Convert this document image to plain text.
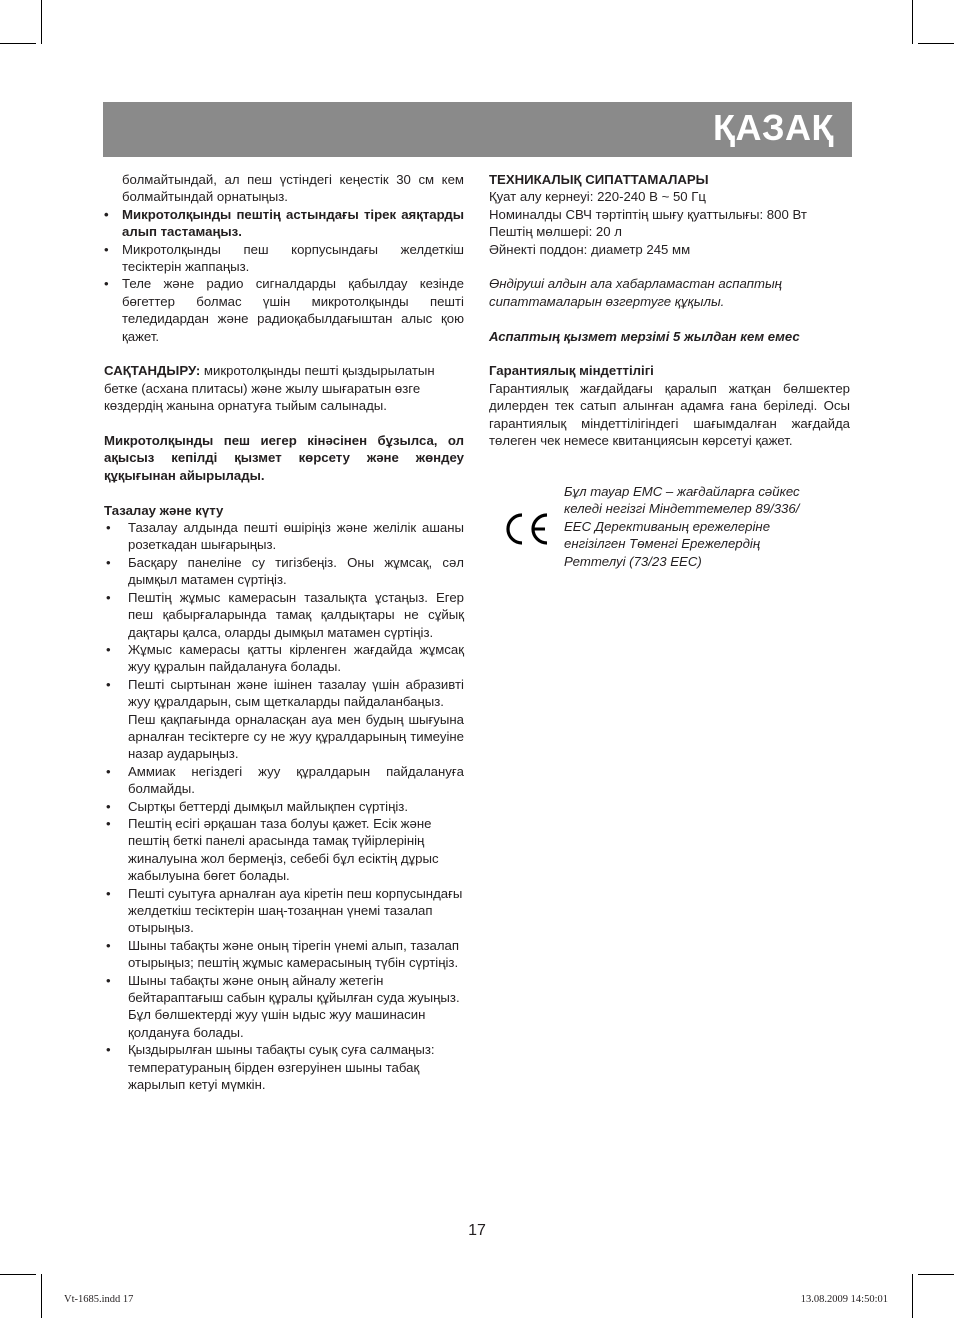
ҚАЗАҚ

болмайтындай, ал пеш үстіндегі кеңестік 30 см кем болмайтындай орнатыңыз.

• Микротолқынды пештің астындағы тірек аяқтарды алып тастамаңыз.
• Микротолқынды пеш корпусындағы желдеткіш тесіктерін жаппаңыз.
• Теле және радио сигналдарды қабылдау кезінде бөгеттер болмас үшін микротолқынды пешті теледидардан және радиоқабылдағыштан алыс қою қажет.

САҚТАНДЫРУ: микротолқынды пешті қыздырылатын бетке (асхана плитасы) және жылу шығаратын өзге көздердің жанына орнатуға тыйым салынады.

Микротолқынды пеш иегер кінәсінен бұзылса, ол ақысыз кепілді қызмет көрсету және жөндеу құқығынан айырылады.

Тазалау және күту

• Тазалау алдында пешті өшіріңіз және желілік ашаны розеткадан шығарыңыз.
• Басқару панеліне су тигізбеңіз. Оны жұмсақ, сәл дымқыл матамен сүртіңіз.
• Пештің жұмыс камерасын тазалықта ұстаңыз. Егер пеш қабырғаларында тамақ қалдықтары не сұйық дақтары қалса, оларды дымқыл матамен сүртіңіз.
• Жұмыс камерасы қатты кірленген жағдайда жұмсақ жуу құралын пайдалануға болады.
• Пешті сыртынан және ішінен тазалау үшін абразивті жуу құралдарын, сым щеткаларды пайдаланбаңыз.
Пеш қақпағында орналасқан ауа мен будың шығуына арналған тесіктерге су не жуу құралдарының тимеуіне назар аударыңыз.
• Аммиак негіздегі жуу құралдарын пайдалануға болмайды.
• Сыртқы беттерді дымқыл майлықпен сүртіңіз.
• Пештің есігі әрқашан таза болуы қажет. Есік және пештің беткі панелі арасында тамақ түйірлерінің жиналуына жол бермеңіз, себебі бұл есіктің дұрыс жабылуына бөгет болады.
• Пешті суытуға арналған ауа кіретін пеш корпусындағы желдеткіш тесіктерін шаң-тозаңнан үнемі тазалап отырыңыз.
• Шыны табақты және оның тірегін үнемі алып, тазалап отырыңыз; пештің жұмыс камерасының түбін сүртіңіз.
• Шыны табақты және оның айналу жетегін бейтараптағыш сабын құралы құйылған суда жуыңыз. Бұл бөлшектерді жуу үшін ыдыс жуу машинасин қолдануға болады.
• Қыздырылған шыны табақты суық суға салмаңыз: температураның бірден өзгеруінен шыны табақ жарылып кетуі мүмкін.

ТЕХНИКАЛЫҚ СИПАТТАМАЛАРЫ

Қуат алу кернеуі: 220-240 В ~ 50 Гц

Номиналды СВЧ тәртіптің шығу қуаттылығы: 800 Вт

Пештің мөлшері: 20 л

Әйнекті поддон: диаметр 245 мм

Өндіруші алдын ала хабарламастан аспаптың сипаттамаларын өзгертуге құқылы.

Аспаптың қызмет мерзімі 5 жылдан кем емес

Гарантиялық міндеттілігі

Гарантиялық жағдайдағы қаралып жатқан бөлшектер дилерден тек сатып алынған адамға ғана беріледі. Осы гарантиялық міндеттілігіндегі шағымдалған жағдайда төлеген чек немесе квитанциясын көрсетуі қажет.

Бұл тауар ЕМС – жағдайларға сәйкес
келеді негізгі Міндеттемелер 89/336/
ЕЕС Дерективаның ережелеріне
енгізілген Төменгі Ережелердің
Реттелуі (73/23 ЕЕС)
17
Vt-1685.indd 17	13.08.2009 14:50:01
